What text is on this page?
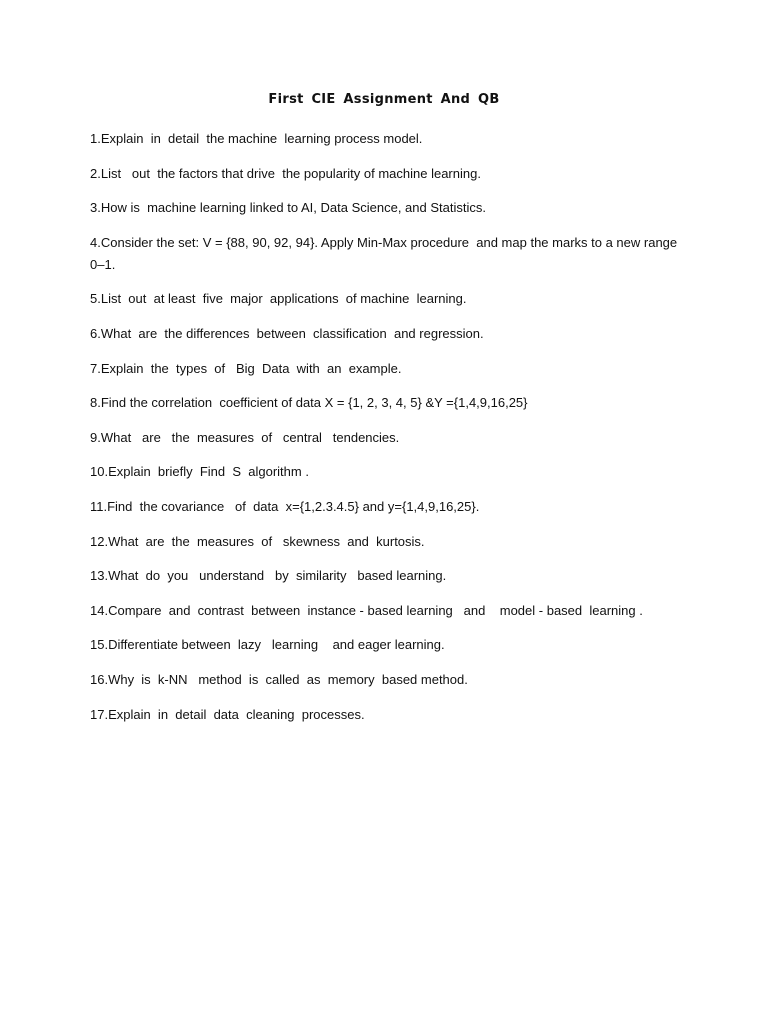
First CIE Assignment And QB
1.Explain  in  detail  the machine  learning process model.
2.List   out  the factors that drive  the popularity of machine learning.
3.How is  machine learning linked to AI, Data Science, and Statistics.
4.Consider the set: V = {88, 90, 92, 94}. Apply Min-Max procedure  and map the marks to a new range 0–1.
5.List  out  at least  five  major  applications  of machine  learning.
6.What  are  the differences  between  classification  and regression.
7.Explain  the  types  of   Big  Data  with  an  example.
8.Find the correlation  coefficient of data X = {1, 2, 3, 4, 5} &Y ={1,4,9,16,25}
9.What   are   the  measures  of   central   tendencies.
10.Explain  briefly  Find  S  algorithm .
11.Find  the covariance   of  data  x={1,2.3.4.5} and y={1,4,9,16,25}.
12.What  are  the  measures  of   skewness  and  kurtosis.
13.What  do  you   understand   by  similarity   based learning.
14.Compare  and  contrast  between  instance - based learning   and    model - based  learning .
15.Differentiate between  lazy   learning    and eager learning.
16.Why  is  k-NN   method  is  called  as  memory  based method.
17.Explain  in  detail  data  cleaning  processes.
